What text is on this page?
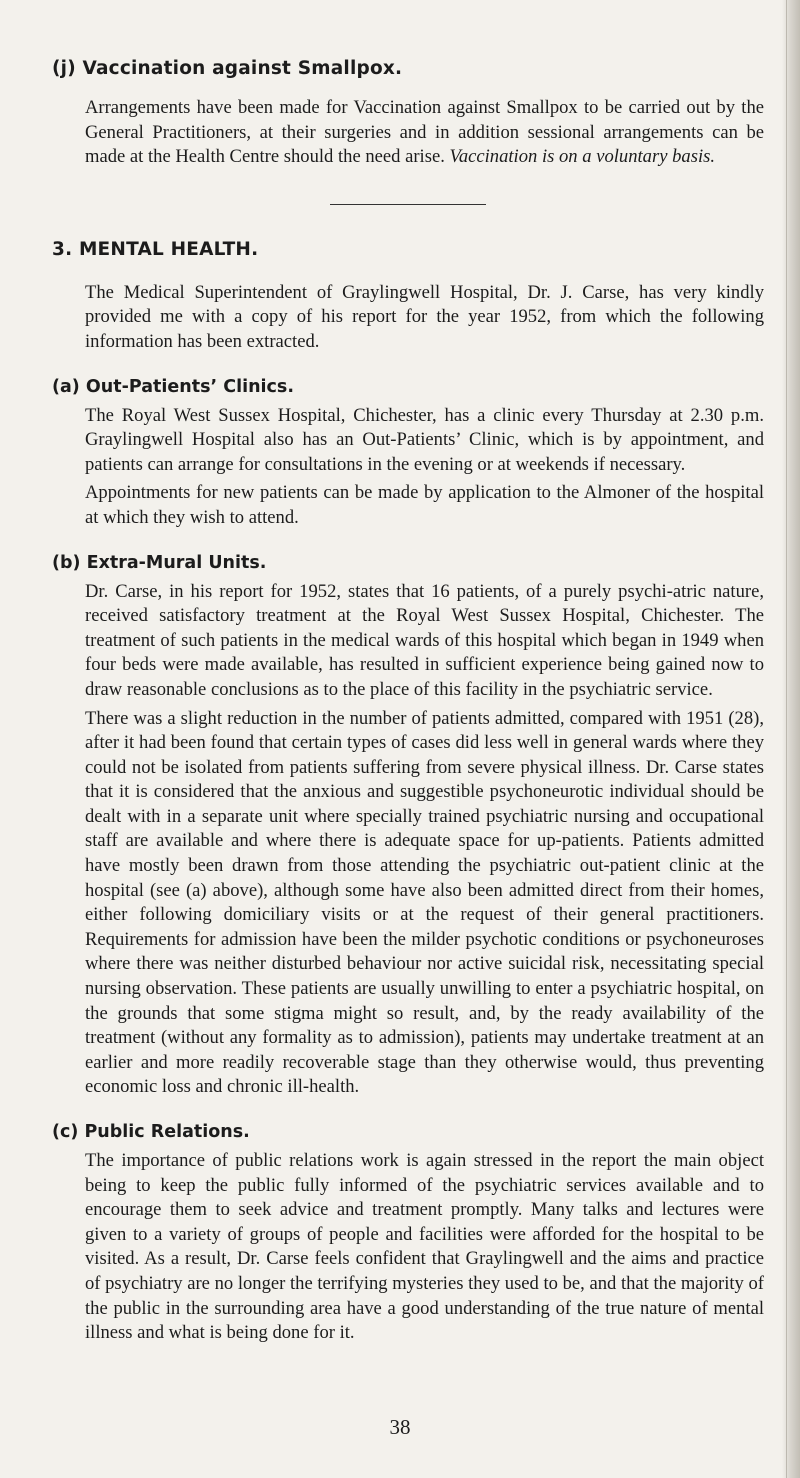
(j) Vaccination against Smallpox.

Arrangements have been made for Vaccination against Smallpox to be carried out by the General Practitioners, at their surgeries and in addition sessional arrangements can be made at the Health Centre should the need arise. Vaccination is on a voluntary basis.

3. MENTAL HEALTH.

The Medical Superintendent of Graylingwell Hospital, Dr. J. Carse, has very kindly provided me with a copy of his report for the year 1952, from which the following information has been extracted.

(a) Out-Patients’ Clinics.

The Royal West Sussex Hospital, Chichester, has a clinic every Thursday at 2.30 p.m. Graylingwell Hospital also has an Out-Patients’ Clinic, which is by appointment, and patients can arrange for consultations in the evening or at weekends if necessary.

Appointments for new patients can be made by application to the Almoner of the hospital at which they wish to attend.

(b) Extra-Mural Units.

Dr. Carse, in his report for 1952, states that 16 patients, of a purely psychi-atric nature, received satisfactory treatment at the Royal West Sussex Hospital, Chichester. The treatment of such patients in the medical wards of this hospital which began in 1949 when four beds were made available, has resulted in sufficient experience being gained now to draw reasonable conclusions as to the place of this facility in the psychiatric service.

There was a slight reduction in the number of patients admitted, compared with 1951 (28), after it had been found that certain types of cases did less well in general wards where they could not be isolated from patients suffering from severe physical illness. Dr. Carse states that it is considered that the anxious and suggestible psychoneurotic individual should be dealt with in a separate unit where specially trained psychiatric nursing and occupational staff are available and where there is adequate space for up-patients. Patients admitted have mostly been drawn from those attending the psychiatric out-patient clinic at the hospital (see (a) above), although some have also been admitted direct from their homes, either following domiciliary visits or at the request of their general practitioners. Requirements for admission have been the milder psychotic conditions or psychoneuroses where there was neither disturbed behaviour nor active suicidal risk, necessitating special nursing observation. These patients are usually unwilling to enter a psychiatric hospital, on the grounds that some stigma might so result, and, by the ready availability of the treatment (without any formality as to admission), patients may undertake treatment at an earlier and more readily recoverable stage than they otherwise would, thus preventing economic loss and chronic ill-health.

(c) Public Relations.

The importance of public relations work is again stressed in the report the main object being to keep the public fully informed of the psychiatric services available and to encourage them to seek advice and treatment promptly. Many talks and lectures were given to a variety of groups of people and facilities were afforded for the hospital to be visited. As a result, Dr. Carse feels confident that Graylingwell and the aims and practice of psychiatry are no longer the terrifying mysteries they used to be, and that the majority of the public in the surrounding area have a good understanding of the true nature of mental illness and what is being done for it.

38
